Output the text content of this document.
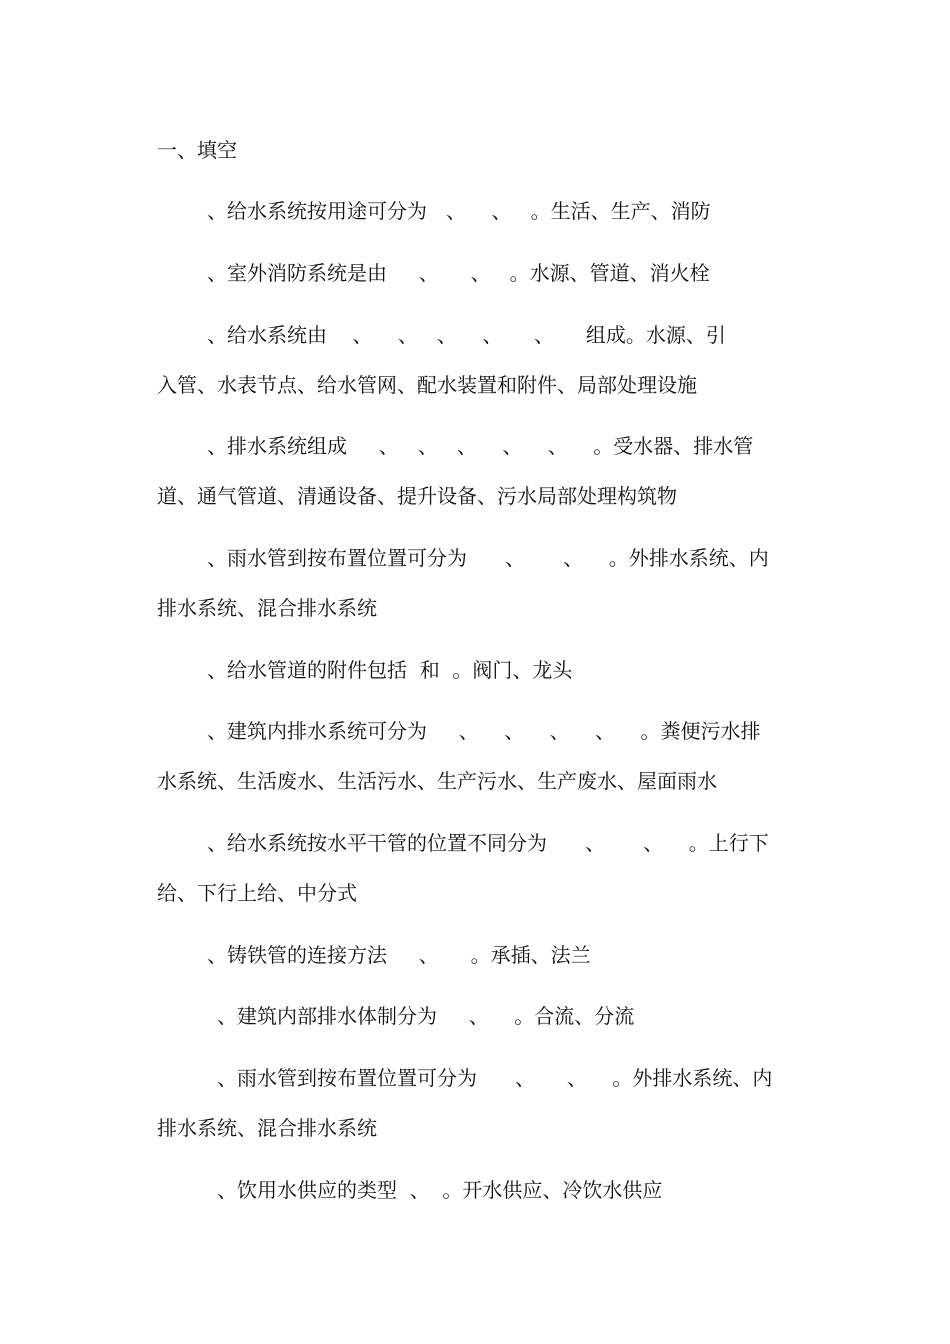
一、填空
、给水系统按用途可分为   、    、   。生活、生产、消防
、室外消防系统是由     、     、   。水源、管道、消火栓
、给水系统由    、    、   、    、     、     组成。水源、引
入管、水表节点、给水管网、配水装置和附件、局部处理设施
、排水系统组成     、   、   、    、    、    。受水器、排水管
道、通气管道、清通设备、提升设备、污水局部处理构筑物
、雨水管到按布置位置可分为      、      、    。外排水系统、内
排水系统、混合排水系统
、给水管道的附件包括  和  。阀门、龙头
、建筑内排水系统可分为     、    、    、    、    。粪便污水排
水系统、生活废水、生活污水、生产污水、生产废水、屋面雨水
、给水系统按水平干管的位置不同分为      、      、    。上行下
给、下行上给、中分式
、铸铁管的连接方法     、     。承插、法兰
、建筑内部排水体制分为     、    。合流、分流
、雨水管到按布置位置可分为      、     、    。外排水系统、内
排水系统、混合排水系统
、饮用水供应的类型  、  。开水供应、冷饮水供应
